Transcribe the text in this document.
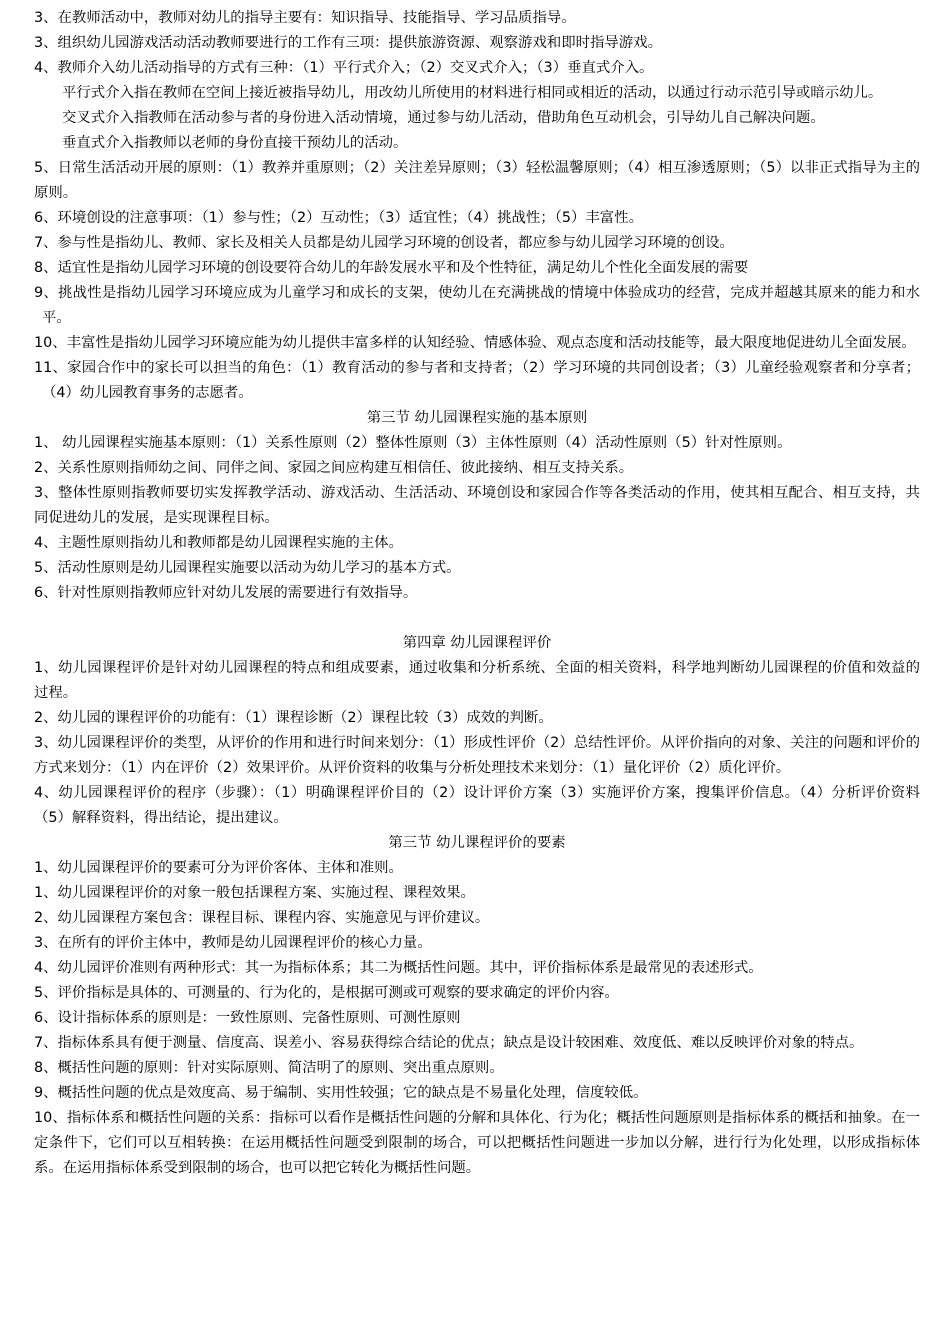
3、在教师活动中，教师对幼儿的指导主要有：知识指导、技能指导、学习品质指导。

3、组织幼儿园游戏活动活动教师要进行的工作有三项：提供旅游资源、观察游戏和即时指导游戏。

4、教师介入幼儿活动指导的方式有三种：（1）平行式介入；（2）交叉式介入；（3）垂直式介入。

平行式介入指在教师在空间上接近被指导幼儿，用改幼儿所使用的材料进行相同或相近的活动，以通过行动示范引导或暗示幼儿。

交叉式介入指教师在活动参与者的身份进入活动情境，通过参与幼儿活动，借助角色互动机会，引导幼儿自己解决问题。

垂直式介入指教师以老师的身份直接干预幼儿的活动。

5、日常生活活动开展的原则：（1）教养并重原则；（2）关注差异原则；（3）轻松温馨原则；（4）相互渗透原则；（5）以非正式指导为主的原则。

6、环境创设的注意事项：（1）参与性；（2）互动性；（3）适宜性；（4）挑战性；（5）丰富性。

7、参与性是指幼儿、教师、家长及相关人员都是幼儿园学习环境的创设者，都应参与幼儿园学习环境的创设。

8、适宜性是指幼儿园学习环境的创设要符合幼儿的年龄发展水平和及个性特征，满足幼儿个性化全面发展的需要

9、挑战性是指幼儿园学习环境应成为儿童学习和成长的支架，使幼儿在充满挑战的情境中体验成功的经营，完成并超越其原来的能力和水平。

10、丰富性是指幼儿园学习环境应能为幼儿提供丰富多样的认知经验、情感体验、观点态度和活动技能等，最大限度地促进幼儿全面发展。

11、家园合作中的家长可以担当的角色：（1）教育活动的参与者和支持者；（2）学习环境的共同创设者；（3）儿童经验观察者和分享者；（4）幼儿园教育事务的志愿者。

第三节 幼儿园课程实施的基本原则

1、 幼儿园课程实施基本原则：（1）关系性原则（2）整体性原则（3）主体性原则（4）活动性原则（5）针对性原则。

2、关系性原则指师幼之间、同伴之间、家园之间应构建互相信任、彼此接纳、相互支持关系。

3、整体性原则指教师要切实发挥教学活动、游戏活动、生活活动、环境创设和家园合作等各类活动的作用，使其相互配合、相互支持，共同促进幼儿的发展，是实现课程目标。

4、主题性原则指幼儿和教师都是幼儿园课程实施的主体。

5、活动性原则是幼儿园课程实施要以活动为幼儿学习的基本方式。

6、针对性原则指教师应针对幼儿发展的需要进行有效指导。

第四章 幼儿园课程评价

1、幼儿园课程评价是针对幼儿园课程的特点和组成要素，通过收集和分析系统、全面的相关资料，科学地判断幼儿园课程的价值和效益的过程。

2、幼儿园的课程评价的功能有：（1）课程诊断（2）课程比较（3）成效的判断。

3、幼儿园课程评价的类型，从评价的作用和进行时间来划分：（1）形成性评价（2）总结性评价。从评价指向的对象、关注的问题和评价的方式来划分：（1）内在评价（2）效果评价。从评价资料的收集与分析处理技术来划分：（1）量化评价（2）质化评价。

4、幼儿园课程评价的程序（步骤）：（1）明确课程评价目的（2）设计评价方案（3）实施评价方案，搜集评价信息。（4）分析评价资料（5）解释资料，得出结论，提出建议。

第三节 幼儿课程评价的要素

1、幼儿园课程评价的要素可分为评价客体、主体和准则。

1、幼儿园课程评价的对象一般包括课程方案、实施过程、课程效果。

2、幼儿园课程方案包含：课程目标、课程内容、实施意见与评价建议。

3、在所有的评价主体中，教师是幼儿园课程评价的核心力量。

4、幼儿园评价准则有两种形式：其一为指标体系；其二为概括性问题。其中，评价指标体系是最常见的表述形式。

5、评价指标是具体的、可测量的、行为化的，是根据可测或可观察的要求确定的评价内容。

6、设计指标体系的原则是：一致性原则、完备性原则、可测性原则

7、指标体系具有便于测量、信度高、误差小、容易获得综合结论的优点；缺点是设计较困难、效度低、难以反映评价对象的特点。

8、概括性问题的原则：针对实际原则、简洁明了的原则、突出重点原则。

9、概括性问题的优点是效度高、易于编制、实用性较强；它的缺点是不易量化处理，信度较低。

10、指标体系和概括性问题的关系：指标可以看作是概括性问题的分解和具体化、行为化；概括性问题原则是指标体系的概括和抽象。在一定条件下，它们可以互相转换：在运用概括性问题受到限制的场合，可以把概括性问题进一步加以分解，进行行为化处理，以形成指标体系。在运用指标体系受到限制的场合，也可以把它转化为概括性问题。
